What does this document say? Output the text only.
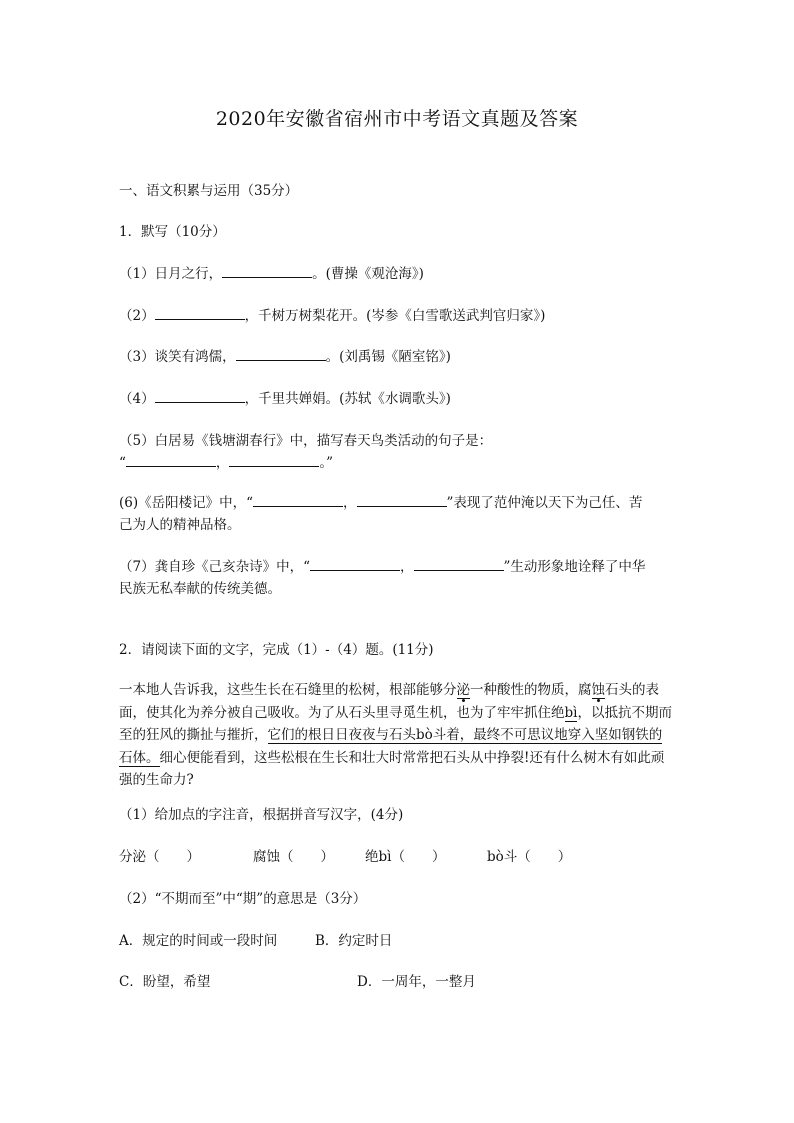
2020年安徽省宿州市中考语文真题及答案
一、语文积累与运用（35分）
1．默写（10分）
（1）日月之行，	。(曹操《观沧海》)
（2）	，千树万树梨花开。(岑参《白雪歌送武判官归家》)
（3）谈笑有鸿儒，	。(刘禹锡《陋室铭》)
（4）	，千里共婵娟。(苏轼《水调歌头》)
（5）白居易《钱塘湖春行》中，描写春天鸟类活动的句子是：
“	，	。”
(6)《岳阳楼记》中，“	，	”表现了范仲淹以天下为己任、苦
己为人的精神品格。
（7）龚自珍《己亥杂诗》中，“	，	”生动形象地诠释了中华
民族无私奉献的传统美德。
2．请阅读下面的文字，完成（1）-（4）题。(11分)
一本地人告诉我，这些生长在石缝里的松树，根部能够分泌一种酸性的物质，腐蚀石头的表面，使其化为养分被自己吸收。为了从石头里寻觅生机，也为了牢牢抓住绝bì，以抵抗不期而至的狂风的撕扯与摧折，它们的根日日夜夜与石头bò斗着，最终不可思议地穿入坚如钢铁的石体。细心便能看到，这些松根在生长和壮大时常常把石头从中挣裂!还有什么树木有如此顽强的生命力?
（1）给加点的字注音，根据拼音写汉字，(4分)
分泌（　　）	腐蚀（　　） 绝bì（　　）	bò斗（　　）
（2）“不期而至”中“期”的意思是（3分）
A．规定的时间或一段时间	B．约定时日
C．盼望，希望	D．一周年，一整月
